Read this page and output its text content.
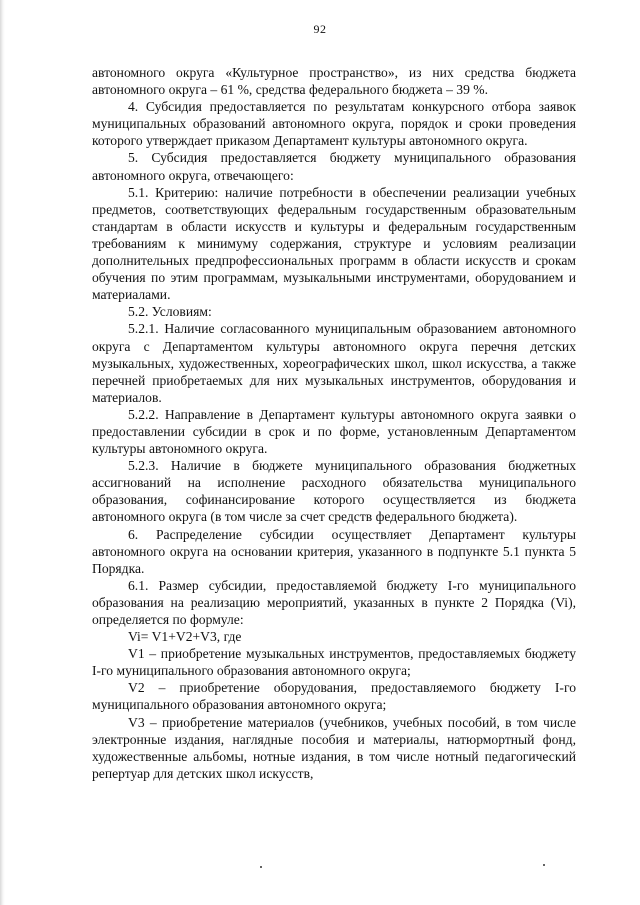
92

автономного округа «Культурное пространство», из них средства бюджета автономного округа – 61 %, средства федерального бюджета – 39 %.

4. Субсидия предоставляется по результатам конкурсного отбора заявок муниципальных образований автономного округа, порядок и сроки проведения которого утверждает приказом Департамент культуры автономного округа.

5. Субсидия предоставляется бюджету муниципального образования автономного округа, отвечающего:

5.1. Критерию: наличие потребности в обеспечении реализации учебных предметов, соответствующих федеральным государственным образовательным стандартам в области искусств и культуры и федеральным государственным требованиям к минимуму содержания, структуре и условиям реализации дополнительных предпрофессиональных программ в области искусств и срокам обучения по этим программам, музыкальными инструментами, оборудованием и материалами.

5.2. Условиям:

5.2.1. Наличие согласованного муниципальным образованием автономного округа с Департаментом культуры автономного округа перечня детских музыкальных, художественных, хореографических школ, школ искусства, а также перечней приобретаемых для них музыкальных инструментов, оборудования и материалов.

5.2.2. Направление в Департамент культуры автономного округа заявки о предоставлении субсидии в срок и по форме, установленным Департаментом культуры автономного округа.

5.2.3. Наличие в бюджете муниципального образования бюджетных ассигнований на исполнение расходного обязательства муниципального образования, софинансирование которого осуществляется из бюджета автономного округа (в том числе за счет средств федерального бюджета).

6. Распределение субсидии осуществляет Департамент культуры автономного округа на основании критерия, указанного в подпункте 5.1 пункта 5 Порядка.

6.1. Размер субсидии, предоставляемой бюджету I-го муниципального образования на реализацию мероприятий, указанных в пункте 2 Порядка (Vi), определяется по формуле:

Vi= V1+V2+V3, где

V1 – приобретение музыкальных инструментов, предоставляемых бюджету I-го муниципального образования автономного округа;

V2 – приобретение оборудования, предоставляемого бюджету I-го муниципального образования автономного округа;

V3 – приобретение материалов (учебников, учебных пособий, в том числе электронные издания, наглядные пособия и материалы, натюрмортный фонд, художественные альбомы, нотные издания, в том числе нотный педагогический репертуар для детских школ искусств,
